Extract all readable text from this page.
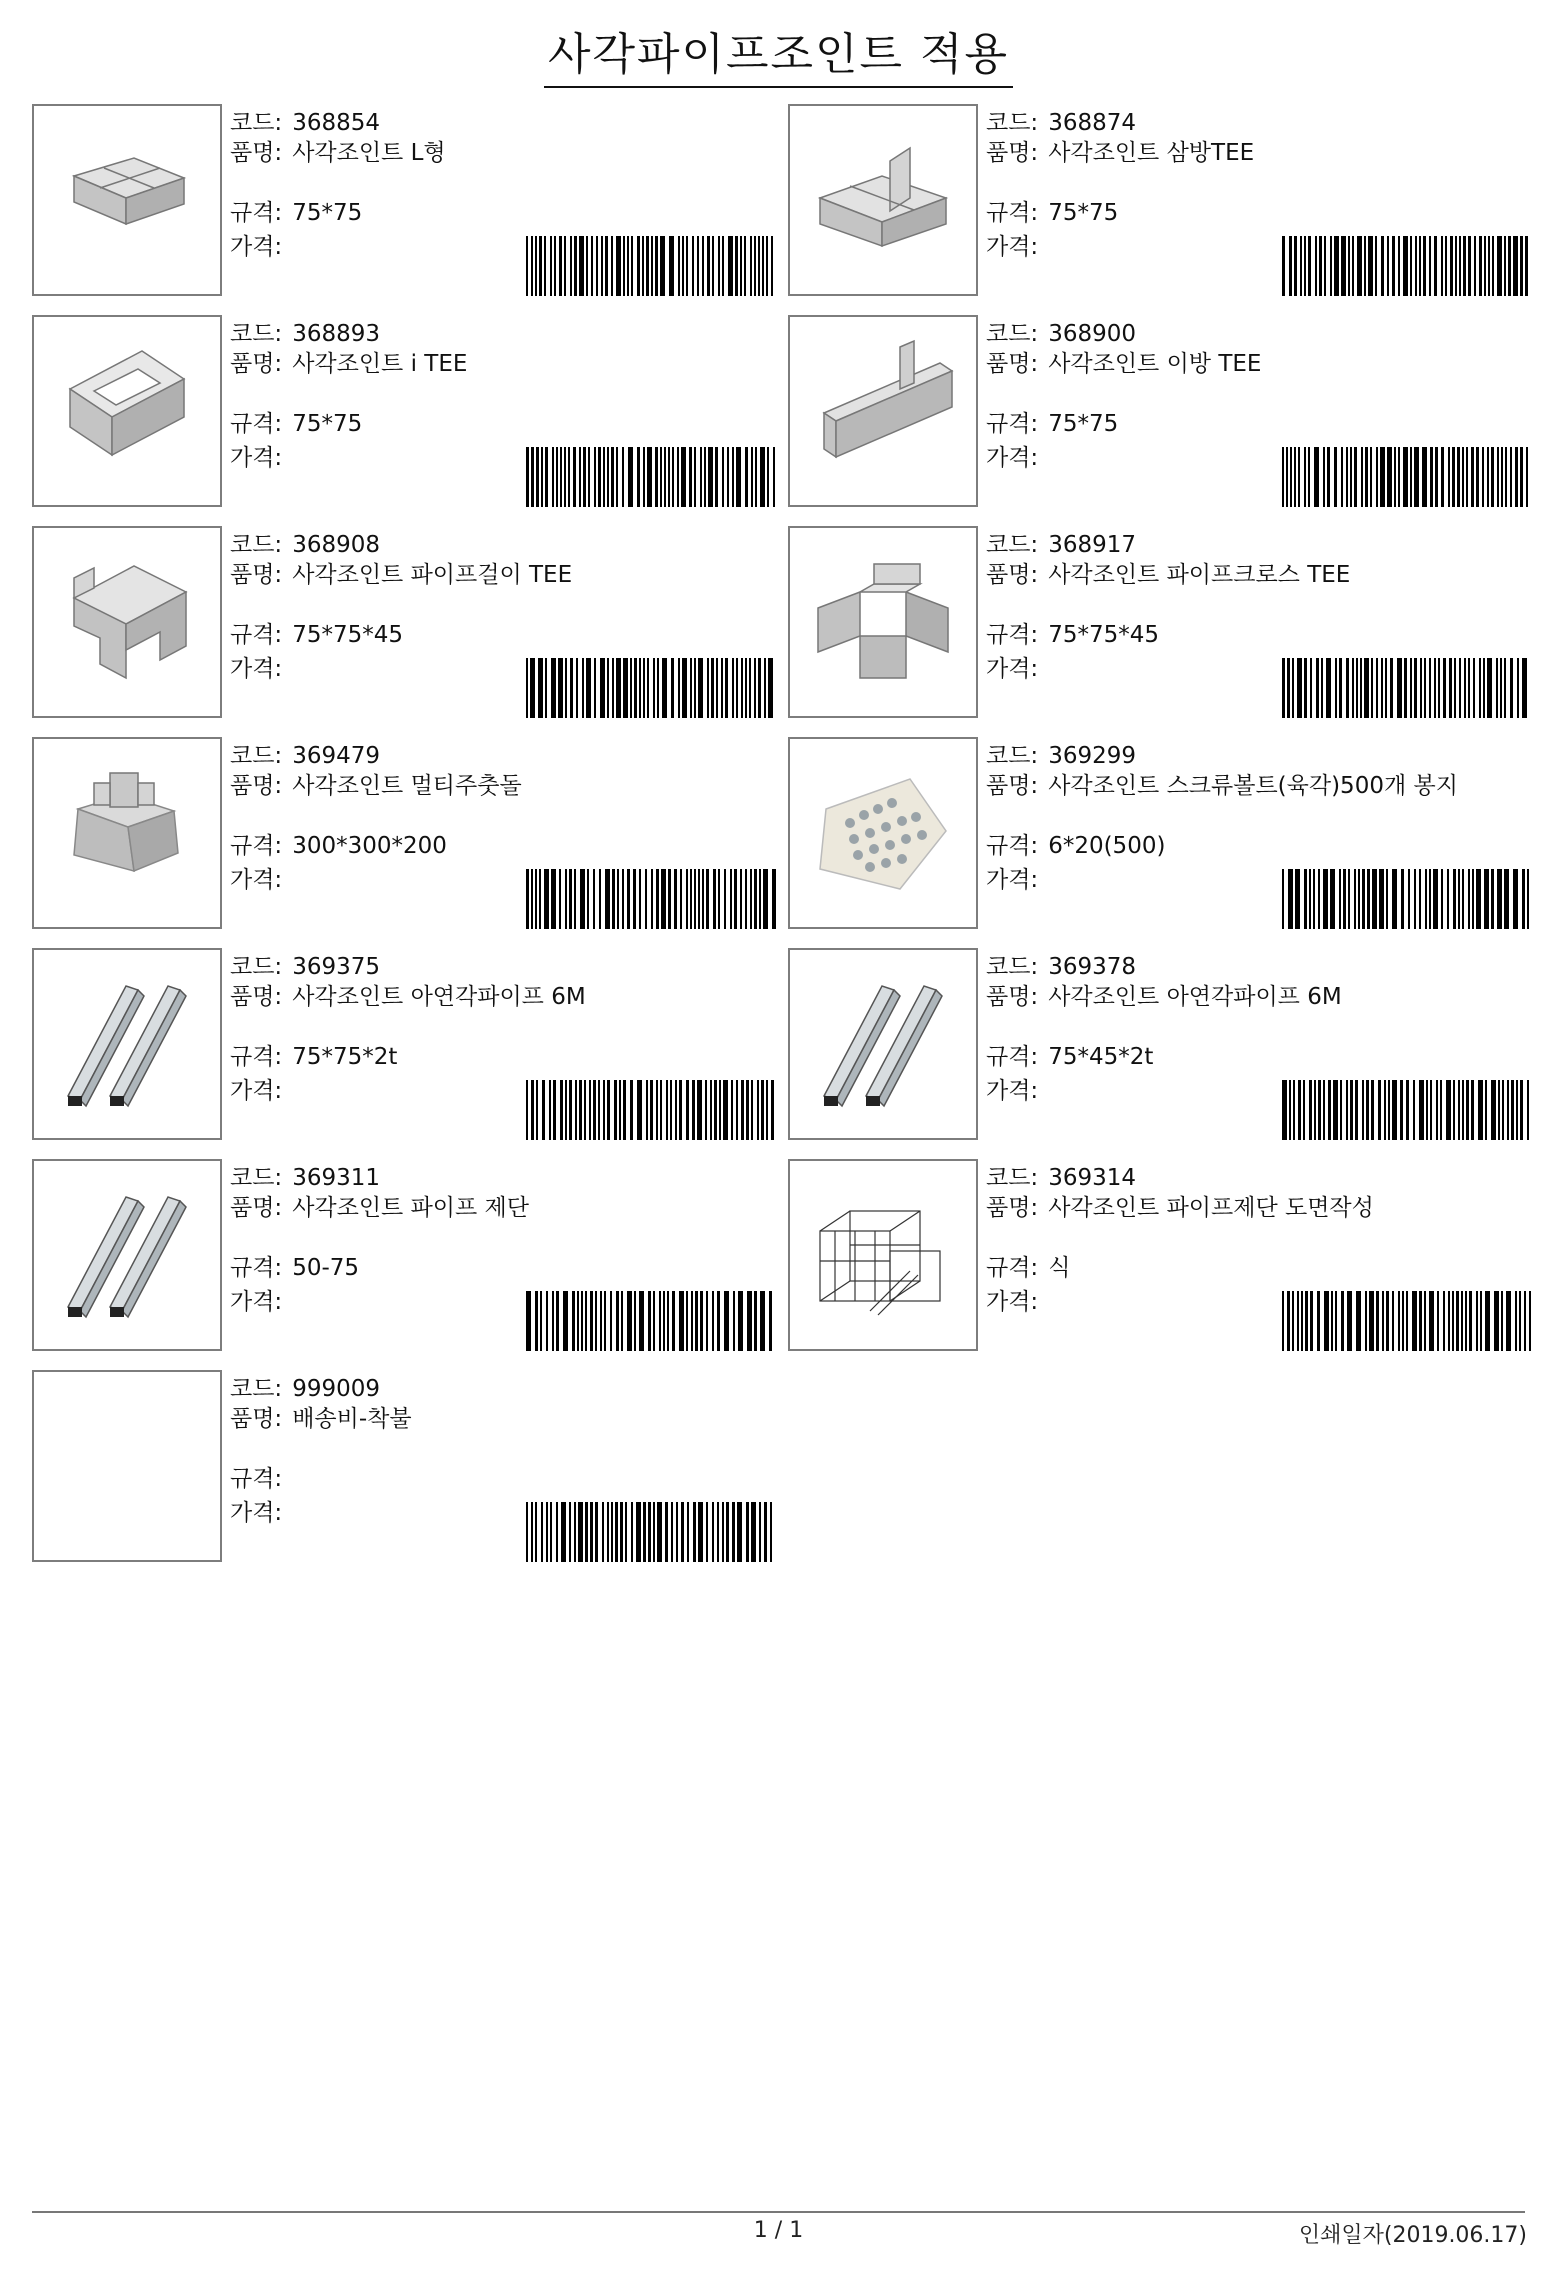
사각파이프조인트 적용
코드: 368854
품명: 사각조인트 L형
규격: 75*75
가격:
코드: 368874
품명: 사각조인트 삼방TEE
규격: 75*75
가격:
코드: 368893
품명: 사각조인트 i TEE
규격: 75*75
가격:
코드: 368900
품명: 사각조인트 이방 TEE
규격: 75*75
가격:
코드: 368908
품명: 사각조인트 파이프걸이 TEE
규격: 75*75*45
가격:
코드: 368917
품명: 사각조인트 파이프크로스 TEE
규격: 75*75*45
가격:
코드: 369479
품명: 사각조인트 멀티주춧돌
규격: 300*300*200
가격:
코드: 369299
품명: 사각조인트 스크류볼트(육각)500개 봉지
규격: 6*20(500)
가격:
코드: 369375
품명: 사각조인트 아연각파이프 6M
규격: 75*75*2t
가격:
코드: 369378
품명: 사각조인트 아연각파이프 6M
규격: 75*45*2t
가격:
코드: 369311
품명: 사각조인트 파이프 제단
규격: 50-75
가격:
코드: 369314
품명: 사각조인트 파이프제단 도면작성
규격: 식
가격:
코드: 999009
품명: 배송비-착불
규격:
가격:
1 / 1	인쇄일자(2019.06.17)
